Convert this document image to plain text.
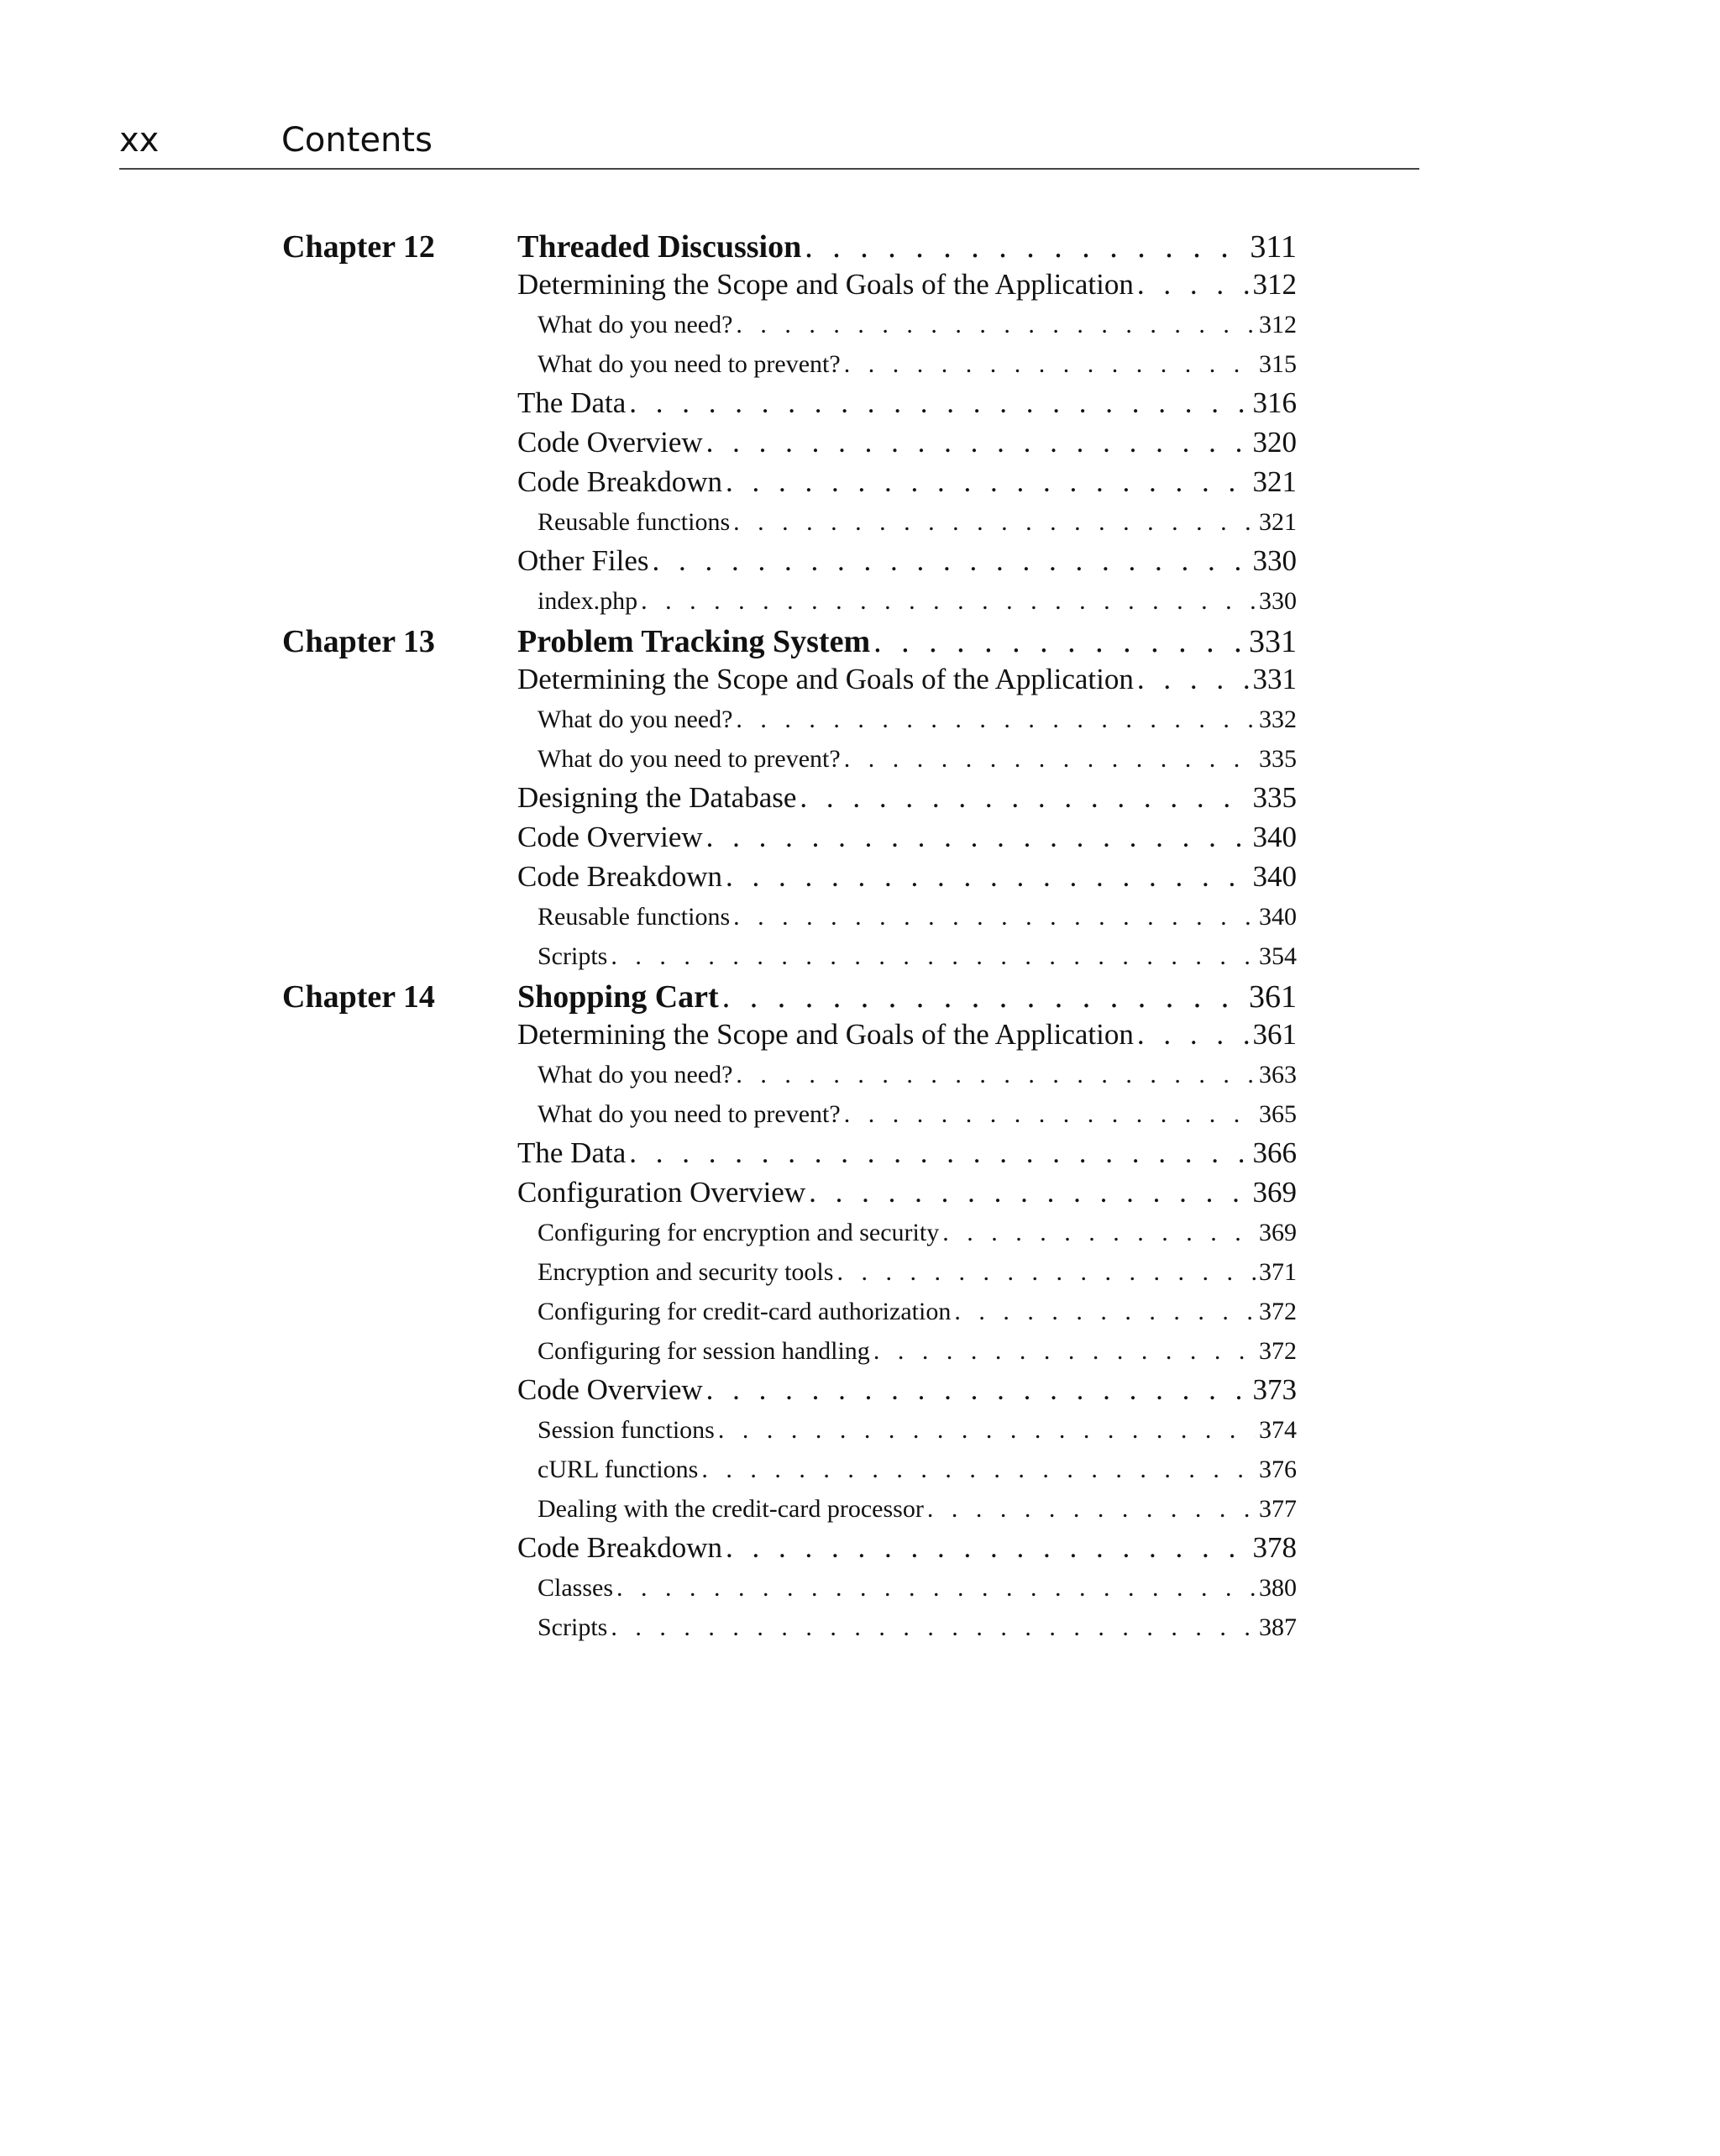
xx	Contents
Chapter 12	Threaded Discussion . . .	311
Determining the Scope and Goals of the Application . . .	312
What do you need? . . .	312
What do you need to prevent? . . .	315
The Data . . .	316
Code Overview . . .	320
Code Breakdown . . .	321
Reusable functions . . .	321
Other Files . . .	330
index.php . . .	330
Chapter 13	Problem Tracking System . . .	331
Determining the Scope and Goals of the Application . . .	331
What do you need? . . .	332
What do you need to prevent? . . .	335
Designing the Database . . .	335
Code Overview . . .	340
Code Breakdown . . .	340
Reusable functions . . .	340
Scripts . . .	354
Chapter 14	Shopping Cart . . .	361
Determining the Scope and Goals of the Application . . .	361
What do you need? . . .	363
What do you need to prevent? . . .	365
The Data . . .	366
Configuration Overview . . .	369
Configuring for encryption and security . . .	369
Encryption and security tools . . .	371
Configuring for credit-card authorization . . .	372
Configuring for session handling . . .	372
Code Overview . . .	373
Session functions . . .	374
cURL functions . . .	376
Dealing with the credit-card processor . . .	377
Code Breakdown . . .	378
Classes . . .	380
Scripts . . .	387
